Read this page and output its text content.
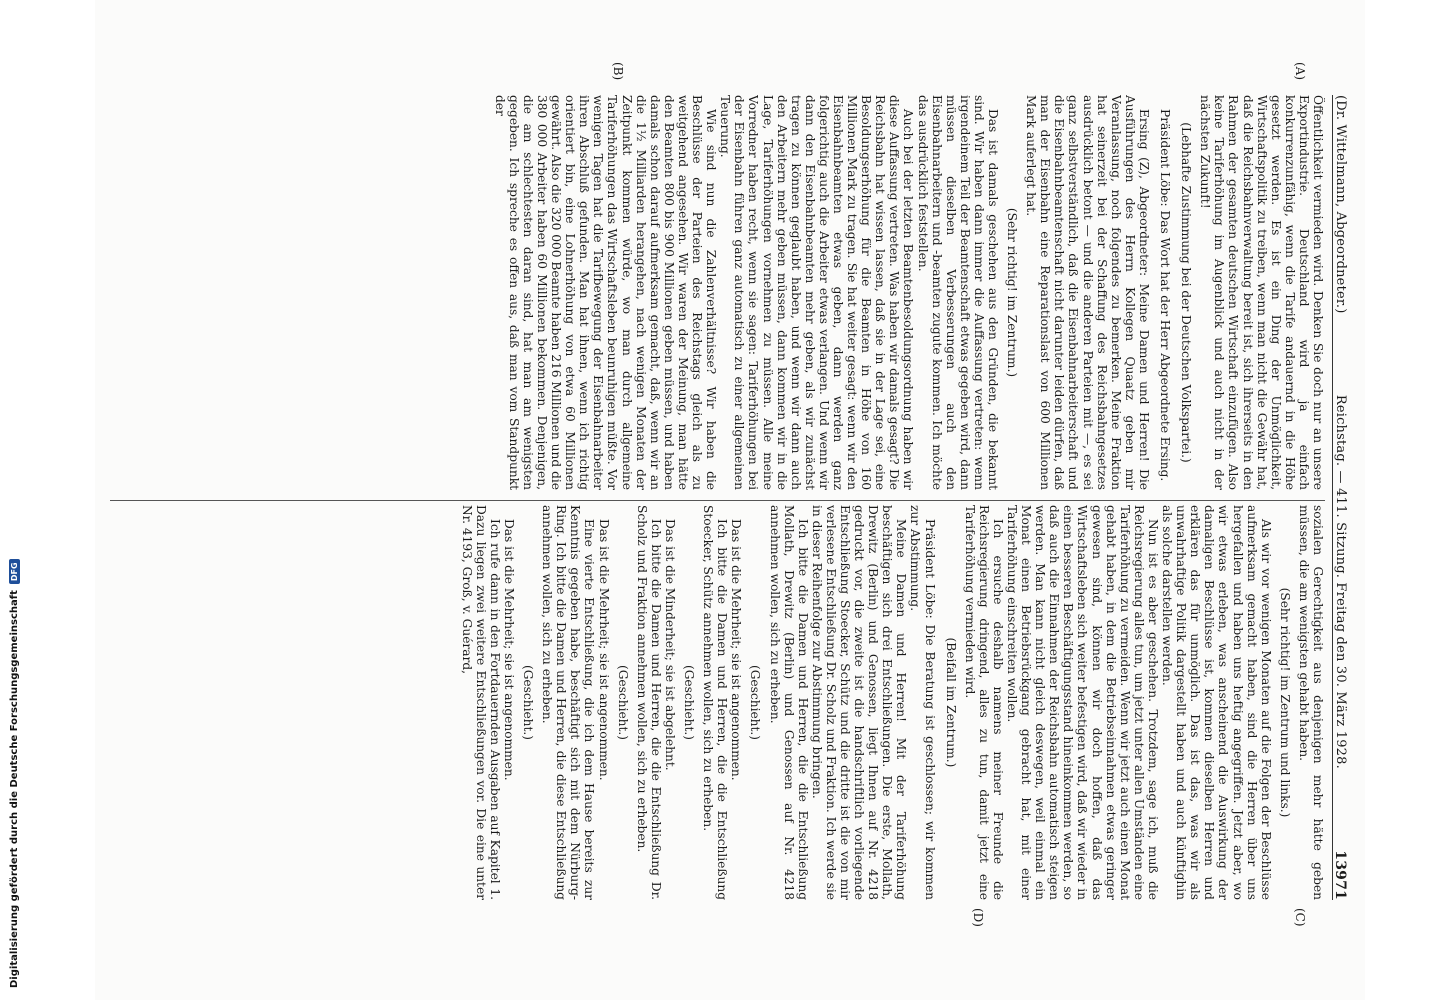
(Dr. Wittelmann, Abgeordneter.)
Reichstag. — 411. Sitzung. Freitag den 30. März 1928.
13971
(A)
(B)
(C)
(D)

Öffentlichkeit vermieden wird. Denken Sie doch nur an unsere Exportindustrie. Deutschland wird ja einfach konkurrenzunfähig, wenn die Tarife andauernd in die Höhe gesetzt werden. Es ist ein Ding der Unmöglichkeit, Wirtschaftspolitik zu treiben, wenn man nicht die Gewähr hat, daß die Reichsbahnverwaltung bereit ist, sich ihrerseits in den Rahmen der gesamten deutschen Wirtschaft einzufügen. Also keine Tariferhöhung im Augenblick und auch nicht in der nächsten Zukunft!

(Lebhafte Zustimmung bei der Deutschen Volkspartei.)

Präsident Löbe: Das Wort hat der Herr Abgeordnete Ersing.

Ersing (Z), Abgeordneter: Meine Damen und Herren! Die Ausführungen des Herrn Kollegen Quaatz geben mir Veranlassung, noch folgendes zu bemerken. Meine Fraktion hat seinerzeit bei der Schaffung des Reichsbahngesetzes ausdrücklich betont — und die anderen Parteien mit —, es sei ganz selbstverständlich, daß die Eisenbahnarbeiterschaft und die Eisenbahnbeamtenschaft nicht darunter leiden dürfen, daß man der Eisenbahn eine Reparationslast von 600 Millionen Mark auferlegt hat.

(Sehr richtig! im Zentrum.)

Das ist damals geschehen aus den Gründen, die bekannt sind. Wir haben dann immer die Auffassung vertreten: wenn irgendeinem Teil der Beamtenschaft etwas gegeben wird, dann müssen dieselben Verbesserungen auch den Eisenbahnarbeitern und -beamten zugute kommen. Ich möchte das ausdrücklich feststellen.

Auch bei der letzten Beamtenbesoldungsordnung haben wir diese Auffassung vertreten. Was haben wir damals gesagt? Die Reichsbahn hat wissen lassen, daß sie in der Lage sei, eine Besoldungserhöhung für die Beamten in Höhe von 160 Millionen Mark zu tragen. Sie hat weiter gesagt: wenn wir den Eisenbahnbeamten etwas geben, dann werden ganz folgerichtig auch die Arbeiter etwas verlangen. Und wenn wir dann den Eisenbahnbeamten mehr geben, als wir zunächst tragen zu können geglaubt haben, und wenn wir dann auch den Arbeitern mehr geben müssen, dann kommen wir in die Lage, Tariferhöhungen vornehmen zu müssen. Alle meine Vorredner haben recht, wenn sie sagen: Tariferhöhungen bei der Eisenbahn führen ganz automatisch zu einer allgemeinen Teuerung.

Wie sind nun die Zahlenverhältnisse? Wir haben die Beschlüsse der Parteien des Reichstags gleich als zu weitgehend angesehen. Wir waren der Meinung, man hätte den Beamten 800 bis 900 Millionen geben müssen, und haben damals schon darauf aufmerksam gemacht, daß, wenn wir an die 1½ Milliarden herangehen, nach wenigen Monaten der Zeitpunkt kommen würde, wo man durch allgemeine Tariferhöhungen das Wirtschaftsleben beunruhigen müßte. Vor wenigen Tagen hat die Tarifbewegung der Eisenbahnarbeiter ihren Abschluß gefunden. Man hat ihnen, wenn ich richtig orientiert bin, eine Lohnerhöhung von etwa 60 Millionen gewährt. Also die 320 000 Beamte haben 216 Millionen und die 380 000 Arbeiter haben 60 Millionen bekommen. Denjenigen, die am schlechtesten daran sind, hat man am wenigsten gegeben. Ich spreche es offen aus, daß man vom Standpunkt der

sozialen Gerechtigkeit aus denjenigen mehr hätte geben müssen, die am wenigsten gehabt haben.

(Sehr richtig! im Zentrum und links.)

Als wir vor wenigen Monaten auf die Folgen der Beschlüsse aufmerksam gemacht haben, sind die Herren über uns hergefallen und haben uns heftig angegriffen. Jetzt aber, wo wir etwas erleben, was anscheinend die Auswirkung der damaligen Beschlüsse ist, kommen dieselben Herren und erklären das für unmöglich. Das ist das, was wir als unwahrhaftige Politik dargestellt haben und auch künftighin als solche darstellen werden.

Nun ist es aber geschehen. Trotzdem, sage ich, muß die Reichsregierung alles tun, um jetzt unter allen Umständen eine Tariferhöhung zu vermeiden. Wenn wir jetzt auch einen Monat gehabt haben, in dem die Betriebseinnahmen etwas geringer gewesen sind, können wir doch hoffen, daß das Wirtschaftsleben sich weiter befestigen wird, daß wir wieder in einen besseren Beschäftigungsstand hineinkommen werden, so daß auch die Einnahmen der Reichsbahn automatisch steigen werden. Man kann nicht gleich deswegen, weil einmal ein Monat einen Betriebsrückgang gebracht hat, mit einer Tariferhöhung einschreiten wollen.

Ich ersuche deshalb namens meiner Freunde die Reichsregierung dringend, alles zu tun, damit jetzt eine Tariferhöhung vermieden wird.

(Beifall im Zentrum.)

Präsident Löbe: Die Beratung ist geschlossen; wir kommen zur Abstimmung.

Meine Damen und Herren! Mit der Tariferhöhung beschäftigen sich drei Entschließungen. Die erste, Mollath, Drewitz (Berlin) und Genossen, liegt Ihnen auf Nr. 4218 gedruckt vor, die zweite ist die handschriftlich vorliegende Entschließung Stoecker, Schütz und die dritte ist die von mir verlesene Entschließung Dr. Scholz und Fraktion. Ich werde sie in dieser Reihenfolge zur Abstimmung bringen.

Ich bitte die Damen und Herren, die die Entschließung Mollath, Drewitz (Berlin) und Genossen auf Nr. 4218 annehmen wollen, sich zu erheben.

(Geschieht.)

Das ist die Mehrheit; sie ist angenommen.

Ich bitte die Damen und Herren, die die Entschließung Stoecker, Schütz annehmen wollen, sich zu erheben.

(Geschieht.)

Das ist die Minderheit; sie ist abgelehnt.

Ich bitte die Damen und Herren, die die Entschließung Dr. Scholz und Fraktion annehmen wollen, sich zu erheben.

(Geschieht.)

Das ist die Mehrheit; sie ist angenommen.

Eine vierte Entschließung, die ich dem Hause bereits zur Kenntnis gegeben habe, beschäftigt sich mit dem Nürburg-Ring. Ich bitte die Damen und Herren, die diese Entschließung annehmen wollen, sich zu erheben.

(Geschieht.)

Das ist die Mehrheit; sie ist angenommen.

Ich rufe dann in den Fortdauernden Ausgaben auf Kapitel 1. Dazu liegen zwei weitere Entschließungen vor. Die eine unter Nr. 4193, Groß, v. Guérard,

Digitalisierung gefördert durch die Deutsche Forschungsgemeinschaft
DFG
